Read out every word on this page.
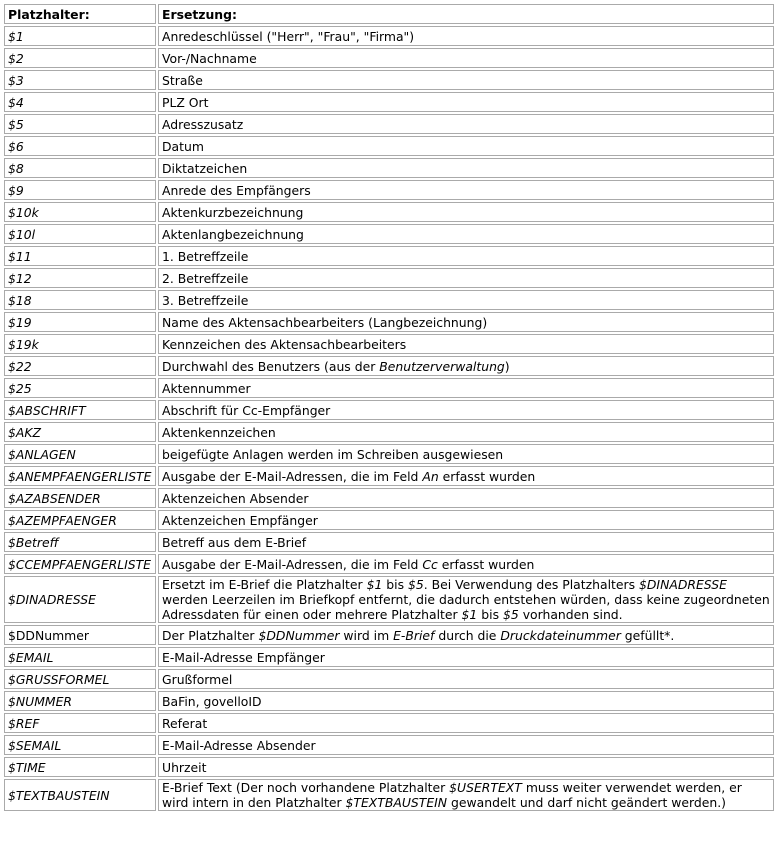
Platzhalter:	Ersetzung:
$1	Anredeschlüssel ("Herr", "Frau", "Firma")
$2	Vor-/Nachname
$3	Straße
$4	PLZ Ort
$5	Adresszusatz
$6	Datum
$8	Diktatzeichen
$9	Anrede des Empfängers
$10k	Aktenkurzbezeichnung
$10l	Aktenlangbezeichnung
$11	1. Betreffzeile
$12	2. Betreffzeile
$18	3. Betreffzeile
$19	Name des Aktensachbearbeiters (Langbezeichnung)
$19k	Kennzeichen des Aktensachbearbeiters
$22	Durchwahl des Benutzers (aus der Benutzerverwaltung)
$25	Aktennummer
$ABSCHRIFT	Abschrift für Cc-Empfänger
$AKZ	Aktenkennzeichen
$ANLAGEN	beigefügte Anlagen werden im Schreiben ausgewiesen
$ANEMPFAENGERLISTE	Ausgabe der E-Mail-Adressen, die im Feld An erfasst wurden
$AZABSENDER	Aktenzeichen Absender
$AZEMPFAENGER	Aktenzeichen Empfänger
$Betreff	Betreff aus dem E-Brief
$CCEMPFAENGERLISTE	Ausgabe der E-Mail-Adressen, die im Feld Cc erfasst wurden
$DINADRESSE	Ersetzt im E-Brief die Platzhalter $1 bis $5. Bei Verwendung des Platzhalters $DINADRESSE werden Leerzeilen im Briefkopf entfernt, die dadurch entstehen würden, dass keine zugeordneten Adressdaten für einen oder mehrere Platzhalter $1 bis $5 vorhanden sind.
$DDNummer	Der Platzhalter $DDNummer wird im E-Brief durch die Druckdateinummer gefüllt*.
$EMAIL	E-Mail-Adresse Empfänger
$GRUSSFORMEL	Grußformel
$NUMMER	BaFin, govelloID
$REF	Referat
$SEMAIL	E-Mail-Adresse Absender
$TIME	Uhrzeit
$TEXTBAUSTEIN	E-Brief Text (Der noch vorhandene Platzhalter $USERTEXT muss weiter verwendet werden, er wird intern in den Platzhalter $TEXTBAUSTEIN gewandelt und darf nicht geändert werden.)
